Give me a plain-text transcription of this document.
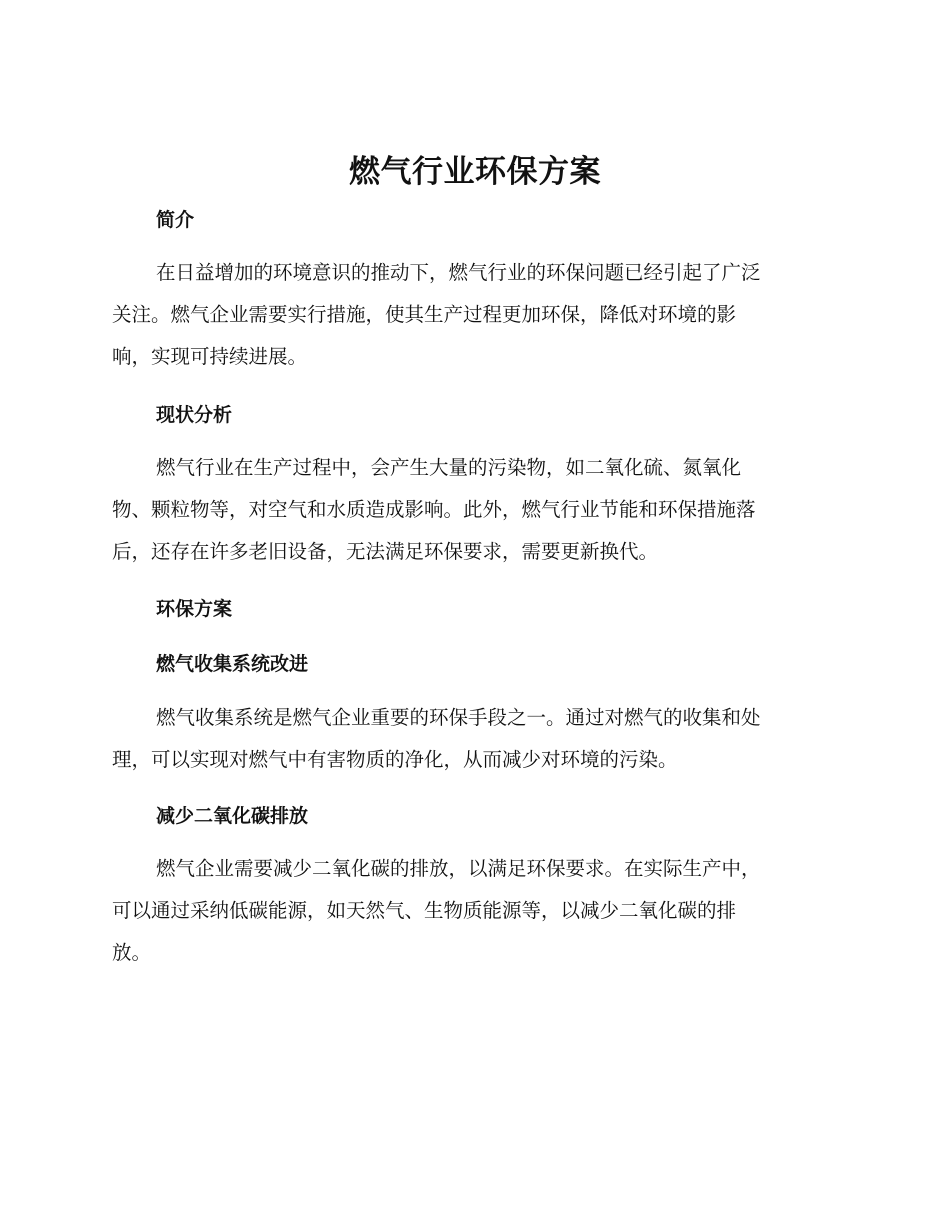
燃气行业环保方案
简介

在日益增加的环境意识的推动下，燃气行业的环保问题已经引起了广泛
关注。燃气企业需要实行措施，使其生产过程更加环保，降低对环境的影
响，实现可持续进展。

现状分析

燃气行业在生产过程中，会产生大量的污染物，如二氧化硫、氮氧化
物、颗粒物等，对空气和水质造成影响。此外，燃气行业节能和环保措施落
后，还存在许多老旧设备，无法满足环保要求，需要更新换代。

环保方案
燃气收集系统改进

燃气收集系统是燃气企业重要的环保手段之一。通过对燃气的收集和处
理，可以实现对燃气中有害物质的净化，从而减少对环境的污染。

减少二氧化碳排放

燃气企业需要减少二氧化碳的排放，以满足环保要求。在实际生产中，
可以通过采纳低碳能源，如天然气、生物质能源等，以减少二氧化碳的排
放。
